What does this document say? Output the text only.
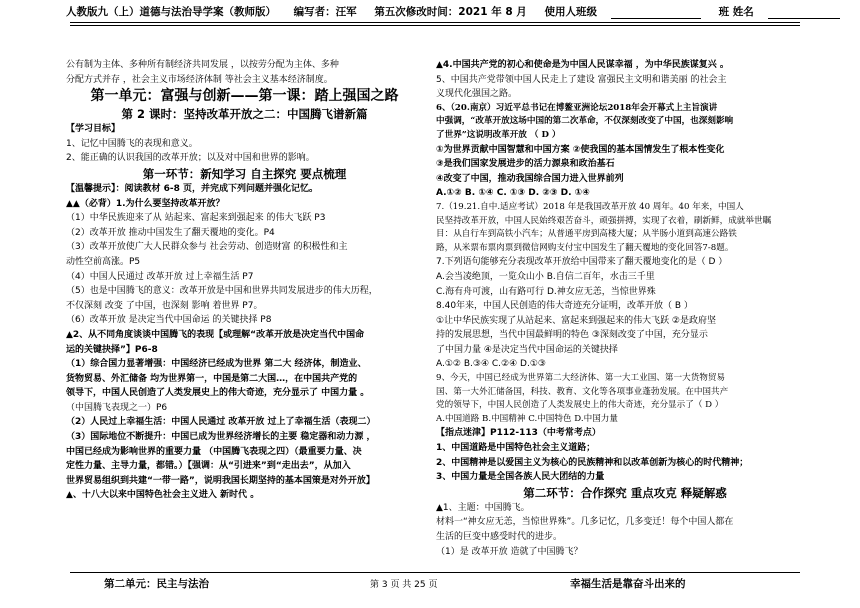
人教版九（上）道德与法治导学案（教师版） 编写者：汪军 第五次修改时间：2021 年 8 月 使用人班级	班 姓名

公有制为主体、多种所有制经济共同发展 ，以按劳分配为主体、多种

分配方式并存 ，社会主义市场经济体制 等社会主义基本经济制度。

第一单元：富强与创新——第一课：踏上强国之路
第 2 课时：坚持改革开放之二：中国腾飞谱新篇

【学习目标】

1、记忆中国腾飞的表现和意义。

2、能正确的认识我国的改革开放；以及对中国和世界的影响。

第一环节：新知学习 自主探究 要点梳理

【温馨提示】：阅读教材 6-8 页，并完成下列问题并强化记忆。

▲▲（必背）1.为什么要坚持改革开放？

（1）中华民族迎来了从 站起来、富起来到强起来 的伟大飞跃 P3

（2）改革开放 推动中国发生了翻天覆地的变化。P4

（3）改革开放使广大人民群众参与 社会劳动、创造财富 的积极性和主

动性空前高涨。P5

（4）中国人民通过 改革开放 过上幸福生活 P7

（5）也是中国腾飞的意义：改革开放是中国和世界共同发展进步的伟大历程，

不仅深刻 改变 了中国，也深刻 影响 着世界 P7。

（6）改革开放 是决定当代中国命运 的关键抉择 P8

▲2、从不同角度谈谈中国腾飞的表现【或理解“改革开放是决定当代中国命

运的关键抉择”】P6-8

（1）综合国力显著增强：中国经济已经成为世界 第二大 经济体，制造业、

货物贸易、外汇储备 均为世界第一，中国是第二大国…，在中国共产党的

领导下，中国人民创造了人类发展史上的伟大奇迹，充分显示了 中国力量 。

（中国腾飞表现之一）P6

（2）人民过上幸福生活：中国人民通过 改革开放 过上了幸福生活（表现二）

（3）国际地位不断提升：中国已成为世界经济增长的主要 稳定器和动力源 ，

中国已经成为影响世界的重要力量 （中国腾飞表现之四）（最重要力量、决

定性力量、主导力量，都错。）【强调：从“引进来”到“走出去”，从加入

世界贸易组织到共建“一带一路”，说明我国长期坚持的基本国策是对外开放】

▲、十八大以来中国特色社会主义进入 新时代 。

▲4.中国共产党的初心和使命是为中国人民谋幸福 ，为中华民族谋复兴 。

5、中国共产党带领中国人民走上了建设 富强民主文明和谐美丽 的社会主

义现代化强国之路。

6、（20.南京）习近平总书记在博鳌亚洲论坛2018年会开幕式上主旨演讲

中强调，“改革开放这场中国的第二次革命，不仅深刻改变了中国，也深刻影响

了世界”这说明改革开放 （ D ）

①为世界贡献中国智慧和中国方案 ②使我国的基本国情发生了根本性变化

③是我们国家发展进步的活力源泉和政治基石

④改变了中国，推动我国综合国力进入世界前列

A.①② B. ①④ C. ①③ D. ②③ D. ①④

7.（19.21.自中.适应考试）2018 年是我国改革开放 40 周年。40 年来，中国人

民坚持改革开放，中国人民始终艰苦奋斗，顽强拼搏，实现了衣着，刷新鲜，成就举世瞩

目：从自行车到高铁小汽车；从普通平房到高楼大厦；从半肠小道到高速公路铁

路，从米票布票肉票到微信网购支付宝中国发生了翻天覆地的变化回答7-8题。

7.下列语句能够充分表现改革开放给中国带来了翻天覆地变化的是（ D ）

A.会当凌绝顶，一览众山小 B.自信二百年，水击三千里

C.海有舟可渡，山有路可行 D.神女应无恙，当惊世界殊

8.40年来，中国人民创造的伟大奇迹充分证明，改革开放（ B ）

①让中华民族实现了从站起来、富起来到强起来的伟大飞跃 ②是政府坚

持的发展思想，当代中国最鲜明的特色 ③深刻改变了中国，充分显示

了中国力量 ④是决定当代中国命运的关键抉择

A.①② B.③④ C.②④ D.①③

9、今天，中国已经成为世界第二大经济体、第一大工业国、第一大货物贸易

国、第一大外汇储备国，科技、教育、文化等各项事业蓬勃发展。在中国共产

党的领导下，中国人民创造了人类发展史上的伟大奇迹，充分显示了（ D ）

A.中国道路 B.中国精神 C.中国特色 D.中国力量

【指点迷津】P112-113（中考常考点）

1、中国道路是中国特色社会主义道路；

2、中国精神是以爱国主义为核心的民族精神和以改革创新为核心的时代精神；

3、中国力量是全国各族人民大团结的力量

第二环节：合作探究 重点攻克 释疑解惑

▲1、主题：中国腾飞。

材料一“神女应无恙，当惊世界殊”。几多记忆，几多变迁！每个中国人都在

生活的巨变中感受时代的进步。

（1）是 改革开放 造就了中国腾飞？

第二单元：民主与法治	第 3 页 共 25 页	幸福生活是靠奋斗出来的
